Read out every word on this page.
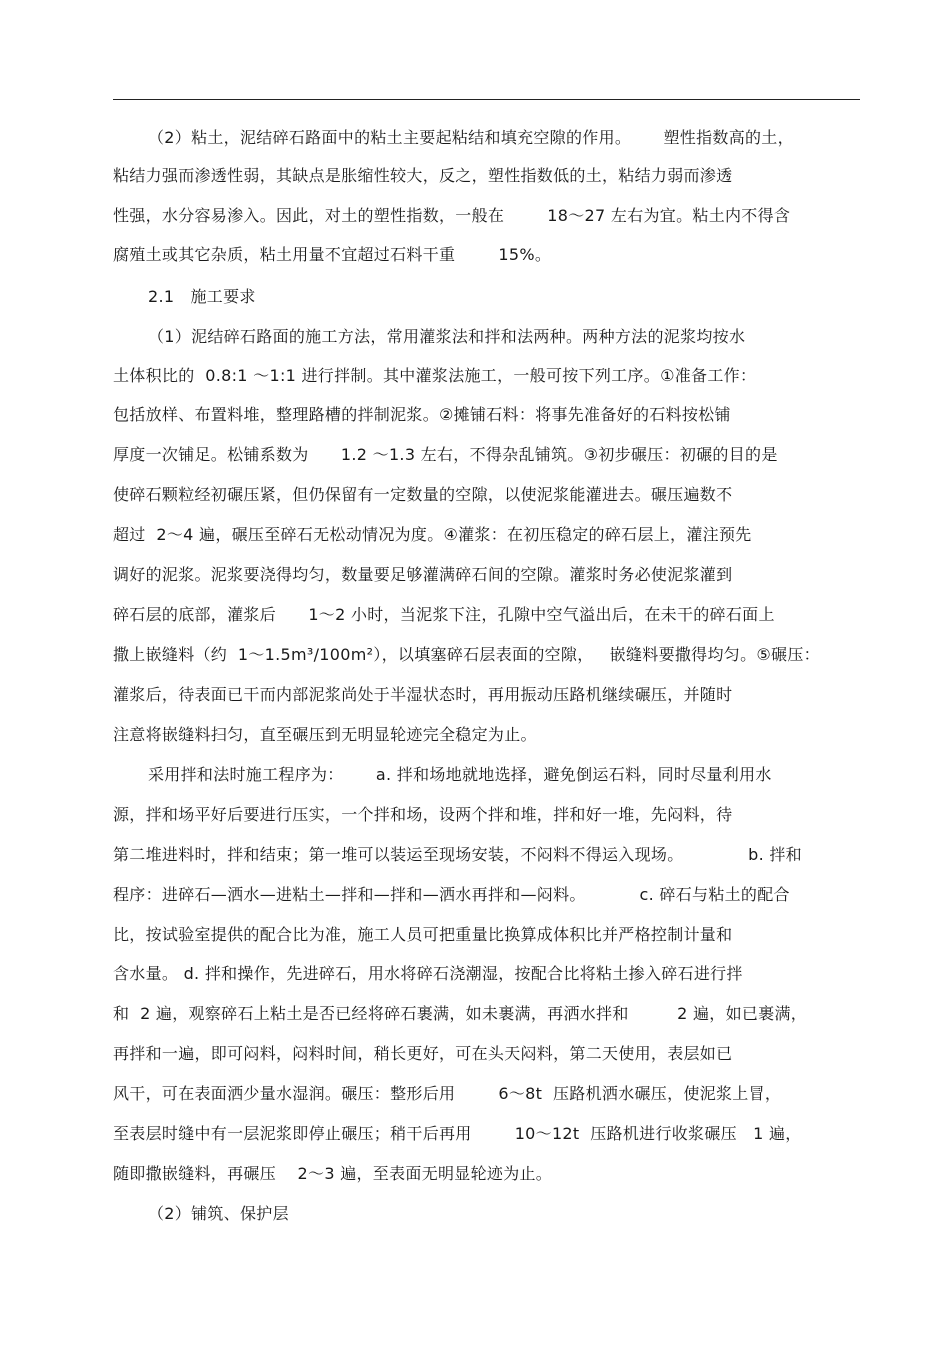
（2）粘土，泥结碎石路面中的粘土主要起粘结和填充空隙的作用。      塑性指数高的土，
粘结力强而渗透性弱，其缺点是胀缩性较大，反之，塑性指数低的土，粘结力弱而渗透
性强，水分容易渗入。因此，对土的塑性指数，一般在        18～27 左右为宜。粘土内不得含
腐殖土或其它杂质，粘土用量不宜超过石料干重        15%。
2.1   施工要求
（1）泥结碎石路面的施工方法，常用灌浆法和拌和法两种。两种方法的泥浆均按水
土体积比的  0.8:1 ～1:1 进行拌制。其中灌浆法施工，一般可按下列工序。①准备工作：
包括放样、布置料堆，整理路槽的拌制泥浆。②摊铺石料：将事先准备好的石料按松铺
厚度一次铺足。松铺系数为      1.2 ～1.3 左右，不得杂乱铺筑。③初步碾压：初碾的目的是
使碎石颗粒经初碾压紧，但仍保留有一定数量的空隙，以使泥浆能灌进去。碾压遍数不
超过  2～4 遍，碾压至碎石无松动情况为度。④灌浆：在初压稳定的碎石层上，灌注预先
调好的泥浆。泥浆要浇得均匀，数量要足够灌满碎石间的空隙。灌浆时务必使泥浆灌到
碎石层的底部，灌浆后      1～2 小时，当泥浆下注，孔隙中空气溢出后，在未干的碎石面上
撒上嵌缝料（约  1～1.5m³/100m²），以填塞碎石层表面的空隙，   嵌缝料要撒得均匀。⑤碾压：
灌浆后，待表面已干而内部泥浆尚处于半湿状态时，再用振动压路机继续碾压，并随时
注意将嵌缝料扫匀，直至碾压到无明显轮迹完全稳定为止。
采用拌和法时施工程序为：      a. 拌和场地就地选择，避免倒运石料，同时尽量利用水
源，拌和场平好后要进行压实，一个拌和场，设两个拌和堆，拌和好一堆，先闷料，待
第二堆进料时，拌和结束；第一堆可以装运至现场安装，不闷料不得运入现场。            b. 拌和
程序：进碎石—洒水—进粘土—拌和—拌和—洒水再拌和—闷料。          c. 碎石与粘土的配合
比，按试验室提供的配合比为准，施工人员可把重量比换算成体积比并严格控制计量和
含水量。 d. 拌和操作，先进碎石，用水将碎石浇潮湿，按配合比将粘土掺入碎石进行拌
和  2 遍，观察碎石上粘土是否已经将碎石裹满，如未裹满，再洒水拌和         2 遍，如已裹满，
再拌和一遍，即可闷料，闷料时间，稍长更好，可在头天闷料，第二天使用，表层如已
风干，可在表面洒少量水湿润。碾压：整形后用        6～8t  压路机洒水碾压，使泥浆上冒，
至表层时缝中有一层泥浆即停止碾压；稍干后再用        10～12t  压路机进行收浆碾压   1 遍，
随即撒嵌缝料，再碾压    2～3 遍，至表面无明显轮迹为止。
（2）铺筑、保护层
